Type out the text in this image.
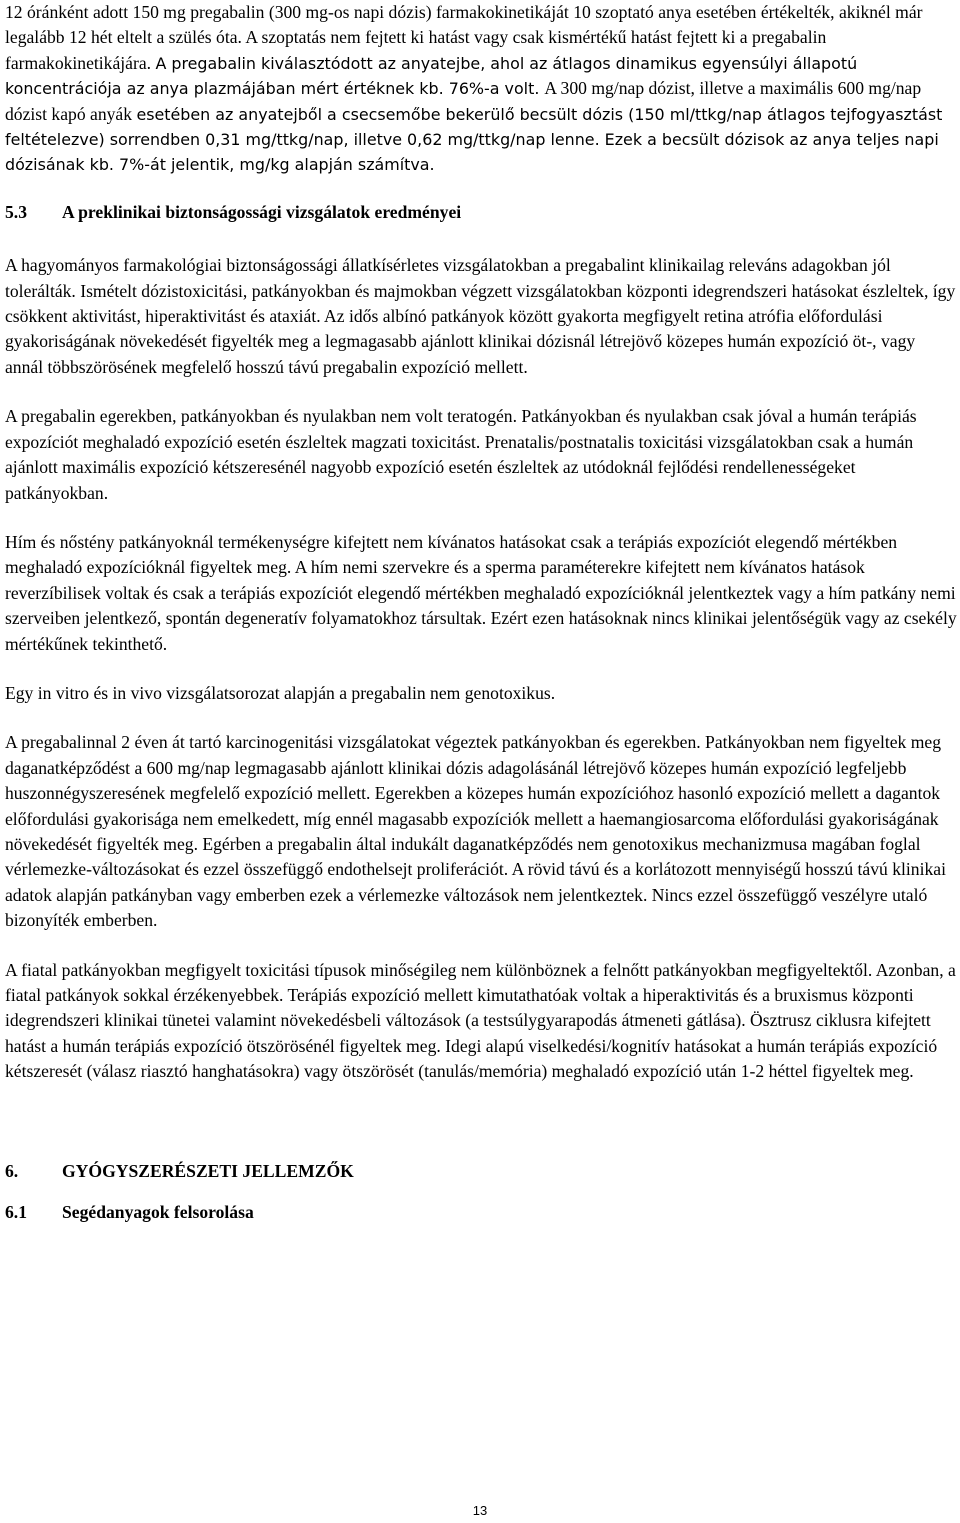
12 óránként adott 150 mg pregabalin (300 mg-os napi dózis) farmakokinetikáját 10 szoptató anya esetében értékelték, akiknél már legalább 12 hét eltelt a szülés óta. A szoptatás nem fejtett ki hatást vagy csak kismértékű hatást fejtett ki a pregabalin farmakokinetikájára. A pregabalin kiválasztódott az anyatejbe, ahol az átlagos dinamikus egyensúlyi állapotú koncentrációja az anya plazmájában mért értéknek kb. 76%-a volt. A 300 mg/nap dózist, illetve a maximális 600 mg/nap dózist kapó anyák esetében az anyatejből a csecsemőbe bekerülő becsült dózis (150 ml/ttkg/nap átlagos tejfogyasztást feltételezve) sorrendben 0,31 mg/ttkg/nap, illetve 0,62 mg/ttkg/nap lenne. Ezek a becsült dózisok az anya teljes napi dózisának kb. 7%-át jelentik, mg/kg alapján számítva.

5.3	A preklinikai biztonságossági vizsgálatok eredményei

A hagyományos farmakológiai biztonságossági állatkísérletes vizsgálatokban a pregabalint klinikailag releváns adagokban jól tolerálták. Ismételt dózistoxicitási, patkányokban és majmokban végzett vizsgálatokban központi idegrendszeri hatásokat észleltek, így csökkent aktivitást, hiperaktivitást és ataxiát. Az idős albínó patkányok között gyakorta megfigyelt retina atrófia előfordulási gyakoriságának növekedését figyelték meg a legmagasabb ajánlott klinikai dózisnál létrejövő közepes humán expozíció öt-, vagy annál többszörösének megfelelő hosszú távú pregabalin expozíció mellett.

A pregabalin egerekben, patkányokban és nyulakban nem volt teratogén. Patkányokban és nyulakban csak jóval a humán terápiás expozíciót meghaladó expozíció esetén észleltek magzati toxicitást. Prenatalis/postnatalis toxicitási vizsgálatokban csak a humán ajánlott maximális expozíció kétszeresénél nagyobb expozíció esetén észleltek az utódoknál fejlődési rendellenességeket patkányokban.

Hím és nőstény patkányoknál termékenységre kifejtett nem kívánatos hatásokat csak a terápiás expozíciót elegendő mértékben meghaladó expozícióknál figyeltek meg. A hím nemi szervekre és a sperma paraméterekre kifejtett nem kívánatos hatások reverzíbilisek voltak és csak a terápiás expozíciót elegendő mértékben meghaladó expozícióknál jelentkeztek vagy a hím patkány nemi szerveiben jelentkező, spontán degeneratív folyamatokhoz társultak. Ezért ezen hatásoknak nincs klinikai jelentőségük vagy az csekély mértékűnek tekinthető.

Egy in vitro és in vivo vizsgálatsorozat alapján a pregabalin nem genotoxikus.

A pregabalinnal 2 éven át tartó karcinogenitási vizsgálatokat végeztek patkányokban és egerekben. Patkányokban nem figyeltek meg daganatképződést a 600 mg/nap legmagasabb ajánlott klinikai dózis adagolásánál létrejövő közepes humán expozíció legfeljebb huszonnégyszeresének megfelelő expozíció mellett. Egerekben a közepes humán expozícióhoz hasonló expozíció mellett a dagantok előfordulási gyakorisága nem emelkedett, míg ennél magasabb expozíciók mellett a haemangiosarcoma előfordulási gyakoriságának növekedését figyelték meg. Egérben a pregabalin által indukált daganatképződés nem genotoxikus mechanizmusa magában foglal vérlemezke-változásokat és ezzel összefüggő endothelsejt proliferációt. A rövid távú és a korlátozott mennyiségű hosszú távú klinikai adatok alapján patkányban vagy emberben ezek a vérlemezke változások nem jelentkeztek. Nincs ezzel összefüggő veszélyre utaló bizonyíték emberben.

A fiatal patkányokban megfigyelt toxicitási típusok minőségileg nem különböznek a felnőtt patkányokban megfigyeltektől. Azonban, a fiatal patkányok sokkal érzékenyebbek. Terápiás expozíció mellett kimutathatóak voltak a hiperaktivitás és a bruxismus központi idegrendszeri klinikai tünetei valamint növekedésbeli változások (a testsúlygyarapodás átmeneti gátlása). Ösztrusz ciklusra kifejtett hatást a humán terápiás expozíció ötszörösénél figyeltek meg. Idegi alapú viselkedési/kognitív hatásokat a humán terápiás expozíció kétszeresét (válasz riasztó hanghatásokra) vagy ötszörösét (tanulás/memória) meghaladó expozíció után 1-2 héttel figyeltek meg.

6.	GYÓGYSZERÉSZETI JELLEMZŐK
6.1	Segédanyagok felsorolása
13
